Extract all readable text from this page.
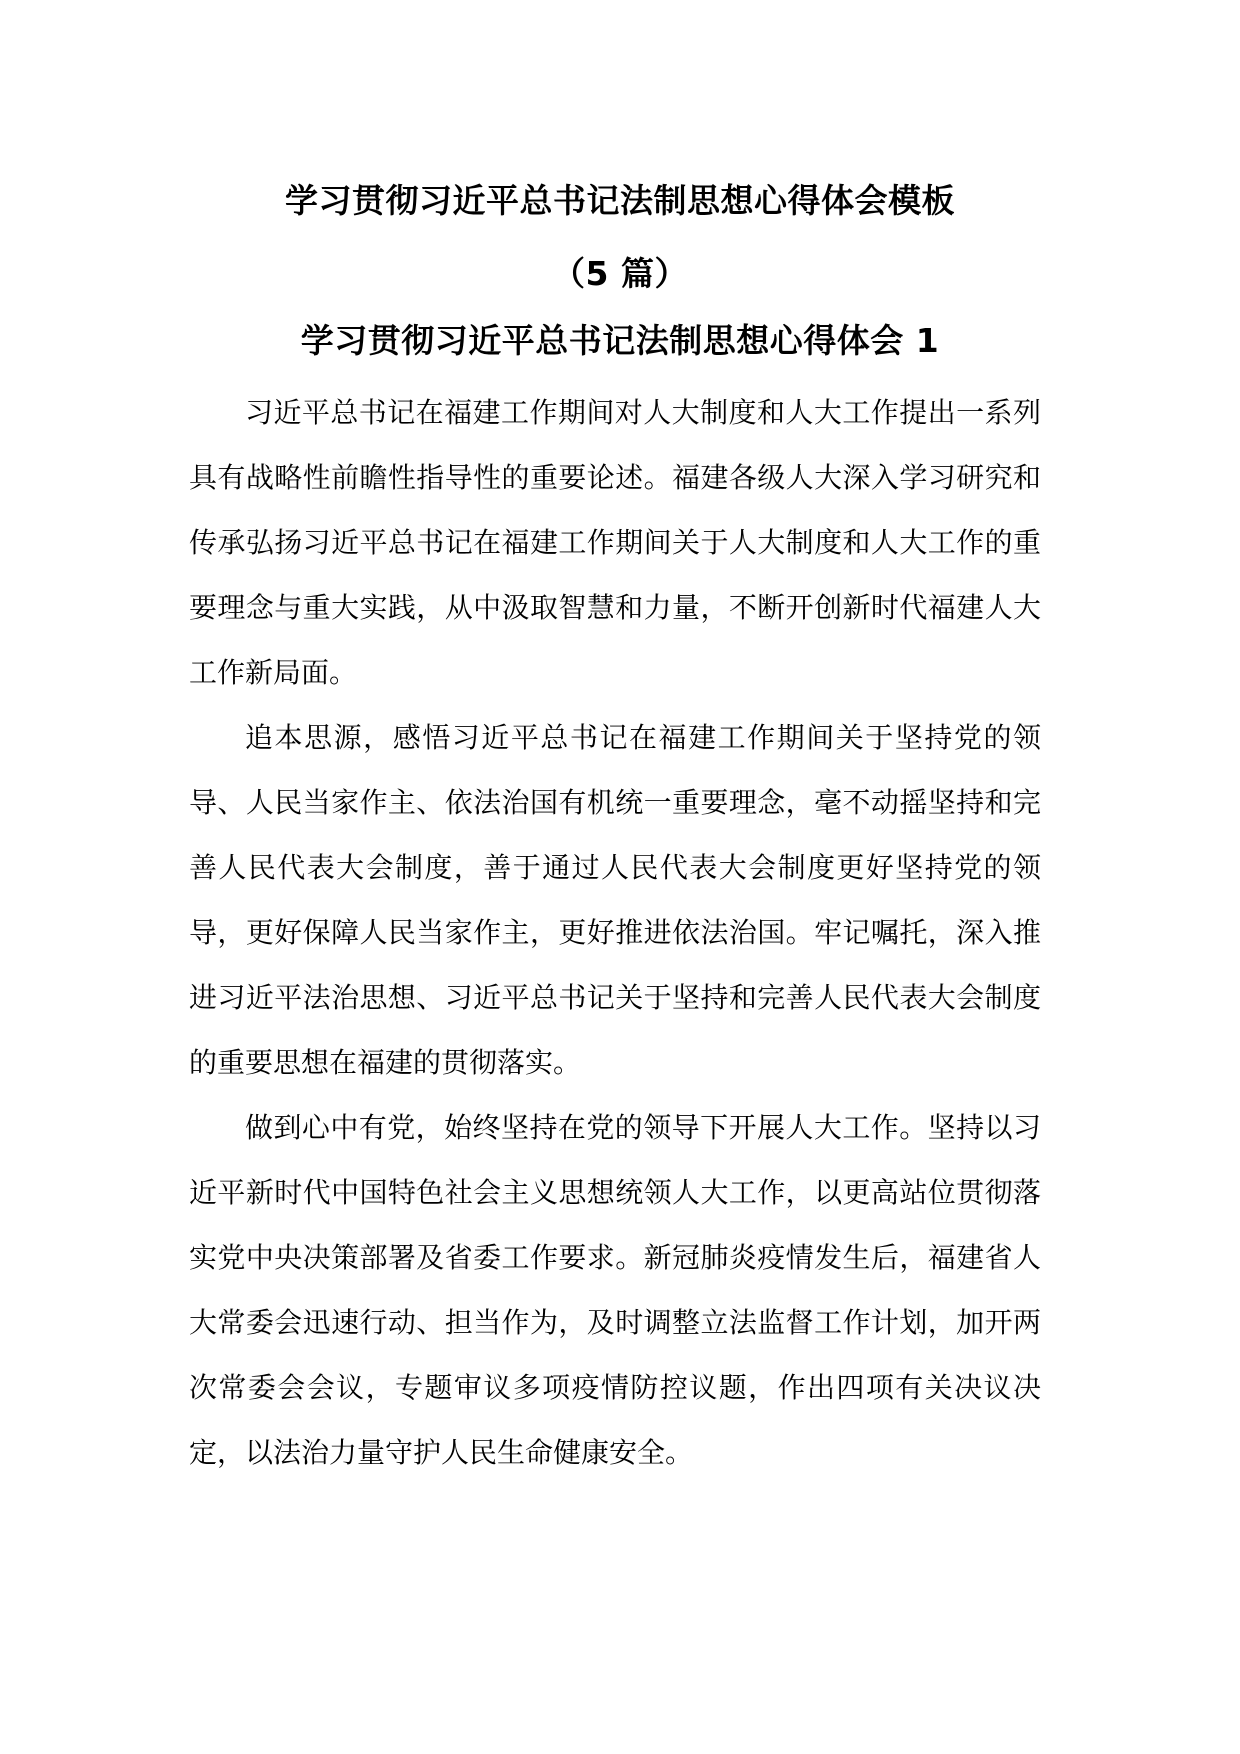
学习贯彻习近平总书记法制思想心得体会模板
（5 篇）
学习贯彻习近平总书记法制思想心得体会 1

习近平总书记在福建工作期间对人大制度和人大工作提出一系列具有战略性前瞻性指导性的重要论述。福建各级人大深入学习研究和传承弘扬习近平总书记在福建工作期间关于人大制度和人大工作的重要理念与重大实践，从中汲取智慧和力量，不断开创新时代福建人大工作新局面。

追本思源，感悟习近平总书记在福建工作期间关于坚持党的领导、人民当家作主、依法治国有机统一重要理念，毫不动摇坚持和完善人民代表大会制度，善于通过人民代表大会制度更好坚持党的领导，更好保障人民当家作主，更好推进依法治国。牢记嘱托，深入推进习近平法治思想、习近平总书记关于坚持和完善人民代表大会制度的重要思想在福建的贯彻落实。

做到心中有党，始终坚持在党的领导下开展人大工作。坚持以习近平新时代中国特色社会主义思想统领人大工作，以更高站位贯彻落实党中央决策部署及省委工作要求。新冠肺炎疫情发生后，福建省人大常委会迅速行动、担当作为，及时调整立法监督工作计划，加开两次常委会会议，专题审议多项疫情防控议题，作出四项有关决议决定，以法治力量守护人民生命健康安全。
